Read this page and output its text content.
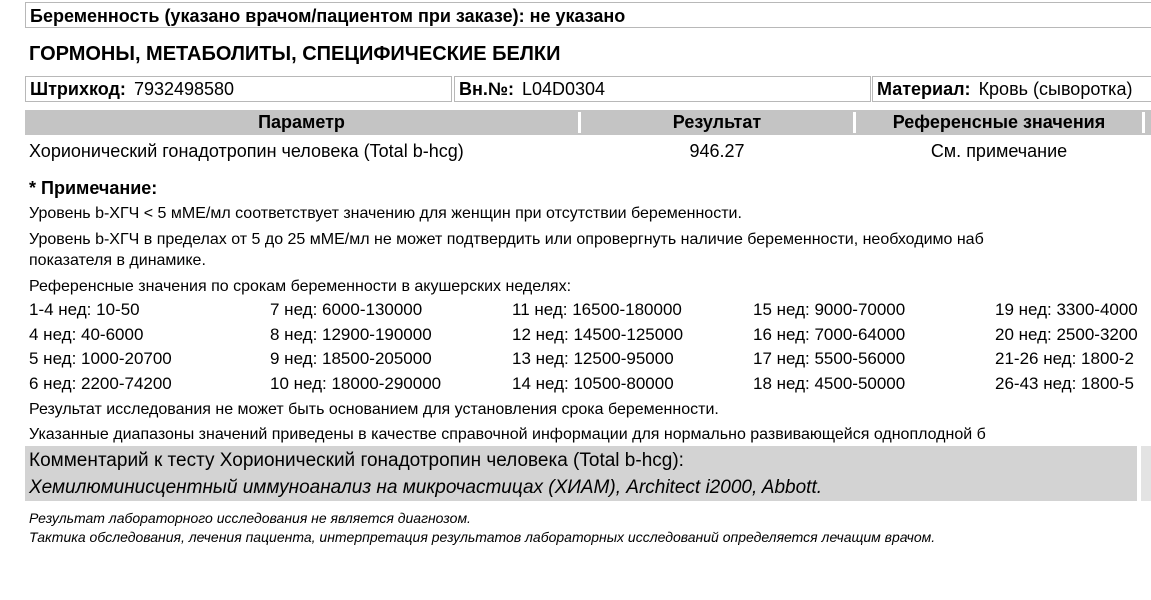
Беременность (указано врачом/пациентом при заказе): не указано
ГОРМОНЫ, МЕТАБОЛИТЫ, СПЕЦИФИЧЕСКИЕ БЕЛКИ
Штрихкод: 7932498580	Вн.№: L04D0304	Материал: Кровь (сыворотка)
Параметр	Результат	Референсные значения
Хорионический гонадотропин человека (Total b-hcg)	946.27	См. примечание
* Примечание:
Уровень b-ХГЧ < 5 мМЕ/мл соответствует значению для женщин при отсутствии беременности.
Уровень b-ХГЧ в пределах от 5 до 25 мМЕ/мл не может подтвердить или опровергнуть наличие беременности, необходимо наб
показателя в динамике.
Референсные значения по срокам беременности в акушерских неделях:
1-4 нед: 10-50	7 нед: 6000-130000	11 нед: 16500-180000	15 нед: 9000-70000	19 нед: 3300-4000
4 нед: 40-6000	8 нед: 12900-190000	12 нед: 14500-125000	16 нед: 7000-64000	20 нед: 2500-3200
5 нед: 1000-20700	9 нед: 18500-205000	13 нед: 12500-95000	17 нед: 5500-56000	21-26 нед: 1800-2
6 нед: 2200-74200	10 нед: 18000-290000	14 нед: 10500-80000	18 нед: 4500-50000	26-43 нед: 1800-5
Результат исследования не может быть основанием для установления срока беременности.
Указанные диапазоны значений приведены в качестве справочной информации для нормально развивающейся одноплодной б
Комментарий к тесту Хорионический гонадотропин человека (Total b-hcg):
Хемилюминисцентный иммуноанализ на микрочастицах (ХИАМ), Architect i2000, Abbott.
Результат лабораторного исследования не является диагнозом.
Тактика обследования, лечения пациента, интерпретация результатов лабораторных исследований определяется лечащим врачом.
